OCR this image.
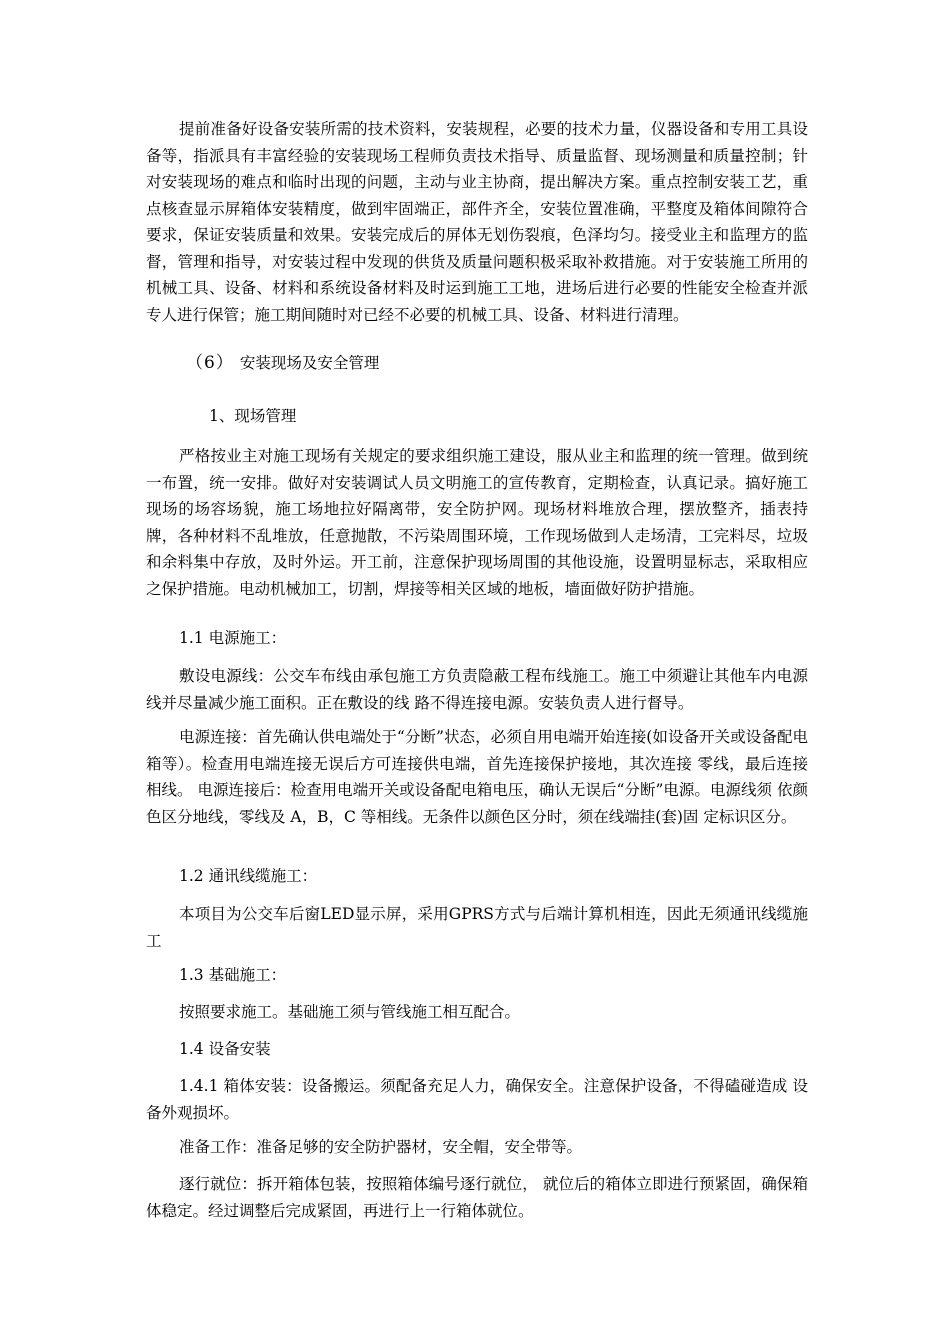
提前准备好设备安装所需的技术资料，安装规程，必要的技术力量，仪器设备和专用工具设备等，指派具有丰富经验的安装现场工程师负责技术指导、质量监督、现场测量和质量控制；针对安装现场的难点和临时出现的问题，主动与业主协商，提出解决方案。重点控制安装工艺，重点核查显示屏箱体安装精度，做到牢固端正，部件齐全，安装位置准确，平整度及箱体间隙符合要求，保证安装质量和效果。安装完成后的屏体无划伤裂痕，色泽均匀。接受业主和监理方的监督，管理和指导，对安装过程中发现的供货及质量问题积极采取补救措施。对于安装施工所用的机械工具、设备、材料和系统设备材料及时运到施工工地，进场后进行必要的性能安全检查并派专人进行保管；施工期间随时对已经不必要的机械工具、设备、材料进行清理。

（6） 安装现场及安全管理
1、现场管理

严格按业主对施工现场有关规定的要求组织施工建设，服从业主和监理的统一管理。做到统一布置，统一安排。做好对安装调试人员文明施工的宣传教育，定期检查，认真记录。搞好施工现场的场容场貌，施工场地拉好隔离带，安全防护网。现场材料堆放合理，摆放整齐，插表持牌，各种材料不乱堆放，任意抛散，不污染周围环境，工作现场做到人走场清，工完料尽，垃圾和余料集中存放，及时外运。开工前，注意保护现场周围的其他设施，设置明显标志，采取相应之保护措施。电动机械加工，切割，焊接等相关区域的地板，墙面做好防护措施。

1.1 电源施工：

敷设电源线：公交车布线由承包施工方负责隐蔽工程布线施工。施工中须避让其他车内电源线并尽量减少施工面积。正在敷设的线 路不得连接电源。安装负责人进行督导。

电源连接：首先确认供电端处于“分断”状态，必须自用电端开始连接(如设备开关或设备配电箱等）。检查用电端连接无误后方可连接供电端，首先连接保护接地，其次连接 零线，最后连接相线。 电源连接后：检查用电端开关或设备配电箱电压，确认无误后“分断”电源。电源线须 依颜色区分地线，零线及 A，B，C 等相线。无条件以颜色区分时，须在线端挂(套)固 定标识区分。

1.2 通讯线缆施工：

本项目为公交车后窗LED显示屏，采用GPRS方式与后端计算机相连，因此无须通讯线缆施工

1.3 基础施工：

按照要求施工。基础施工须与管线施工相互配合。

1.4 设备安装

1.4.1 箱体安装：设备搬运。须配备充足人力，确保安全。注意保护设备，不得磕碰造成 设备外观损坏。

准备工作：准备足够的安全防护器材，安全帽，安全带等。

逐行就位：拆开箱体包装，按照箱体编号逐行就位， 就位后的箱体立即进行预紧固，确保箱体稳定。经过调整后完成紧固，再进行上一行箱体就位。
